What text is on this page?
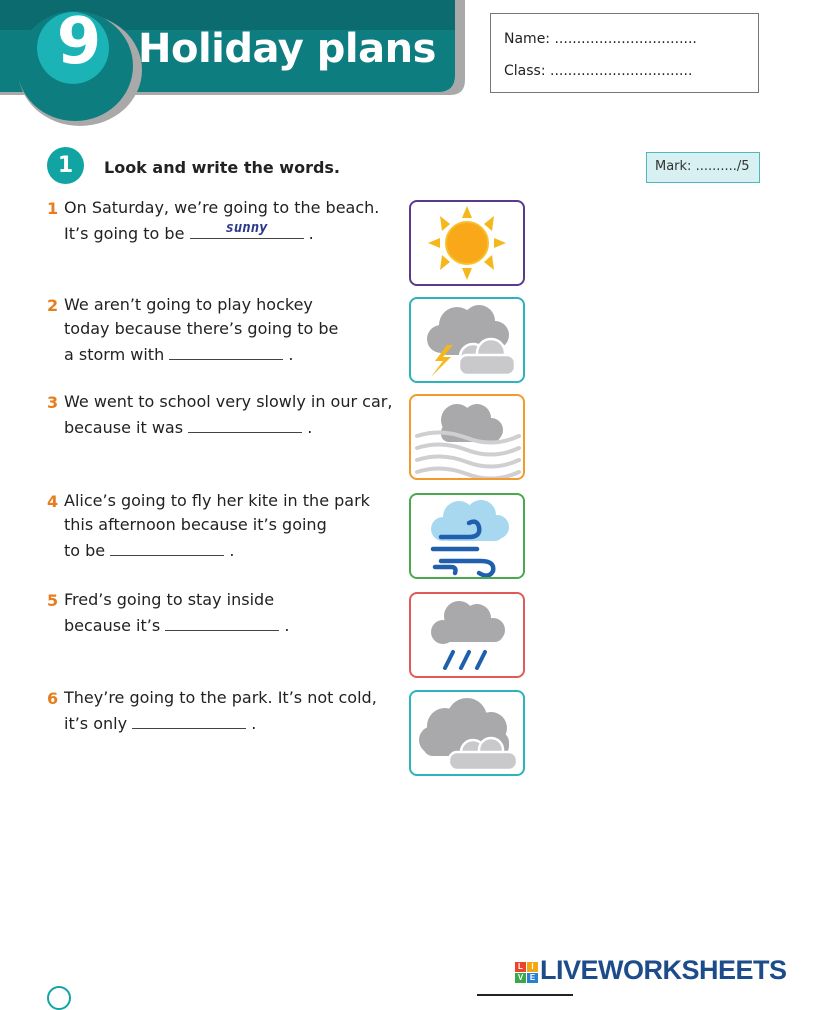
9 Holiday plans	Name: ................................
Class: ................................
1	Look and write the words.	Mark: ........../5
1 On Saturday, we’re going to the beach.
It’s going to be	sunny	.
2 We aren’t going to play hockey
today because there’s going to be
a storm with	.
3 We went to school very slowly in our car,
because it was	.
4 Alice’s going to fly her kite in the park
this afternoon because it’s going
to be	.
5 Fred’s going to stay inside
because it’s	.
6 They’re going to the park. It’s not cold,
it’s only	.
L	I
V E LIVEWORKSHEETS
